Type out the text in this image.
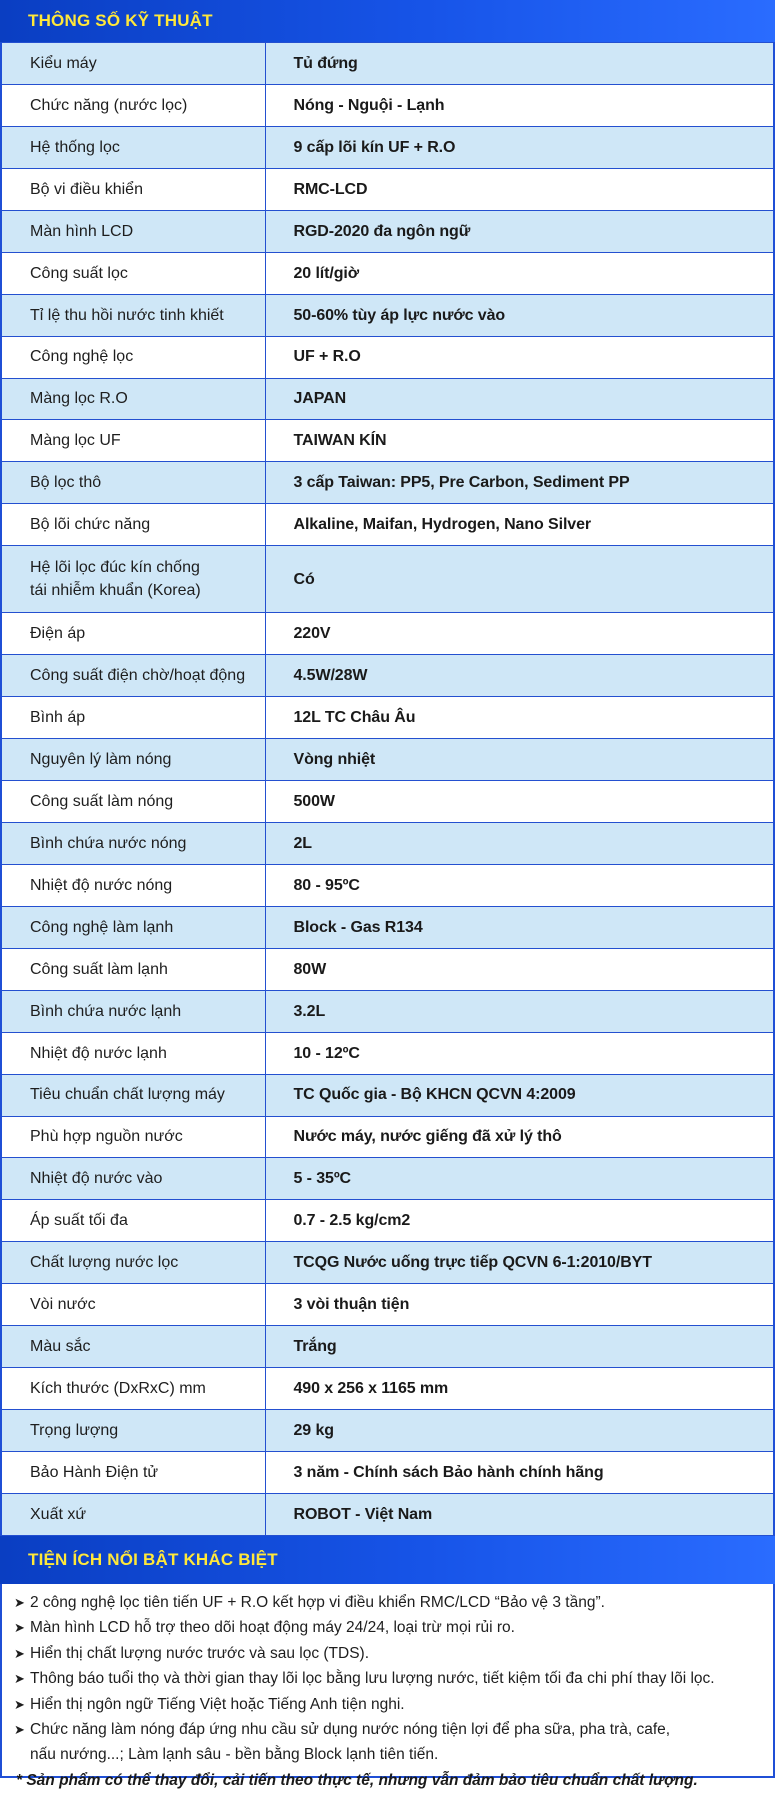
THÔNG SỐ KỸ THUẬT
Kiểu máy	Tủ đứng
Chức năng (nước lọc)	Nóng - Nguội - Lạnh
Hệ thống lọc	9 cấp lõi kín UF + R.O
Bộ vi điều khiển	RMC-LCD
Màn hình LCD	RGD-2020 đa ngôn ngữ
Công suất lọc	20 lít/giờ
Tỉ lệ thu hồi nước tinh khiết	50-60% tùy áp lực nước vào
Công nghệ lọc	UF + R.O
Màng lọc R.O	JAPAN
Màng lọc UF	TAIWAN KÍN
Bộ lọc thô	3 cấp Taiwan: PP5, Pre Carbon, Sediment PP
Bộ lõi chức năng	Alkaline, Maifan, Hydrogen, Nano Silver
Hệ lõi lọc đúc kín chống
tái nhiễm khuẩn (Korea)	Có
Điện áp	220V
Công suất điện chờ/hoạt động	4.5W/28W
Bình áp	12L TC Châu Âu
Nguyên lý làm nóng	Vòng nhiệt
Công suất làm nóng	500W
Bình chứa nước nóng	2L
Nhiệt độ nước nóng	80 - 95ºC
Công nghệ làm lạnh	Block - Gas R134
Công suất làm lạnh	80W
Bình chứa nước lạnh	3.2L
Nhiệt độ nước lạnh	10 - 12ºC
Tiêu chuẩn chất lượng máy	TC Quốc gia - Bộ KHCN QCVN 4:2009
Phù hợp nguồn nước	Nước máy, nước giếng đã xử lý thô
Nhiệt độ nước vào	5 - 35ºC
Áp suất tối đa	0.7 - 2.5 kg/cm2
Chất lượng nước lọc	TCQG Nước uống trực tiếp QCVN 6-1:2010/BYT
Vòi nước	3 vòi thuận tiện
Màu sắc	Trắng
Kích thước (DxRxC) mm	490 x 256 x 1165 mm
Trọng lượng	29 kg
Bảo Hành Điện tử	3 năm - Chính sách Bảo hành chính hãng
Xuất xứ	ROBOT - Việt Nam
TIỆN ÍCH NỔI BẬT KHÁC BIỆT
➤ 2 công nghệ lọc tiên tiến UF + R.O kết hợp vi điều khiển RMC/LCD “Bảo vệ 3 tầng”.
➤ Màn hình LCD hỗ trợ theo dõi hoạt động máy 24/24, loại trừ mọi rủi ro.
➤ Hiển thị chất lượng nước trước và sau lọc (TDS).
➤ Thông báo tuổi thọ và thời gian thay lõi lọc bằng lưu lượng nước, tiết kiệm tối đa chi phí thay lõi lọc.
➤ Hiển thị ngôn ngữ Tiếng Việt hoặc Tiếng Anh tiện nghi.
➤ Chức năng làm nóng đáp ứng nhu cầu sử dụng nước nóng tiện lợi để pha sữa, pha trà, cafe,
nấu nướng...; Làm lạnh sâu - bền bằng Block lạnh tiên tiến.
* Sản phẩm có thể thay đổi, cải tiến theo thực tế, nhưng vẫn đảm bảo tiêu chuẩn chất lượng.
